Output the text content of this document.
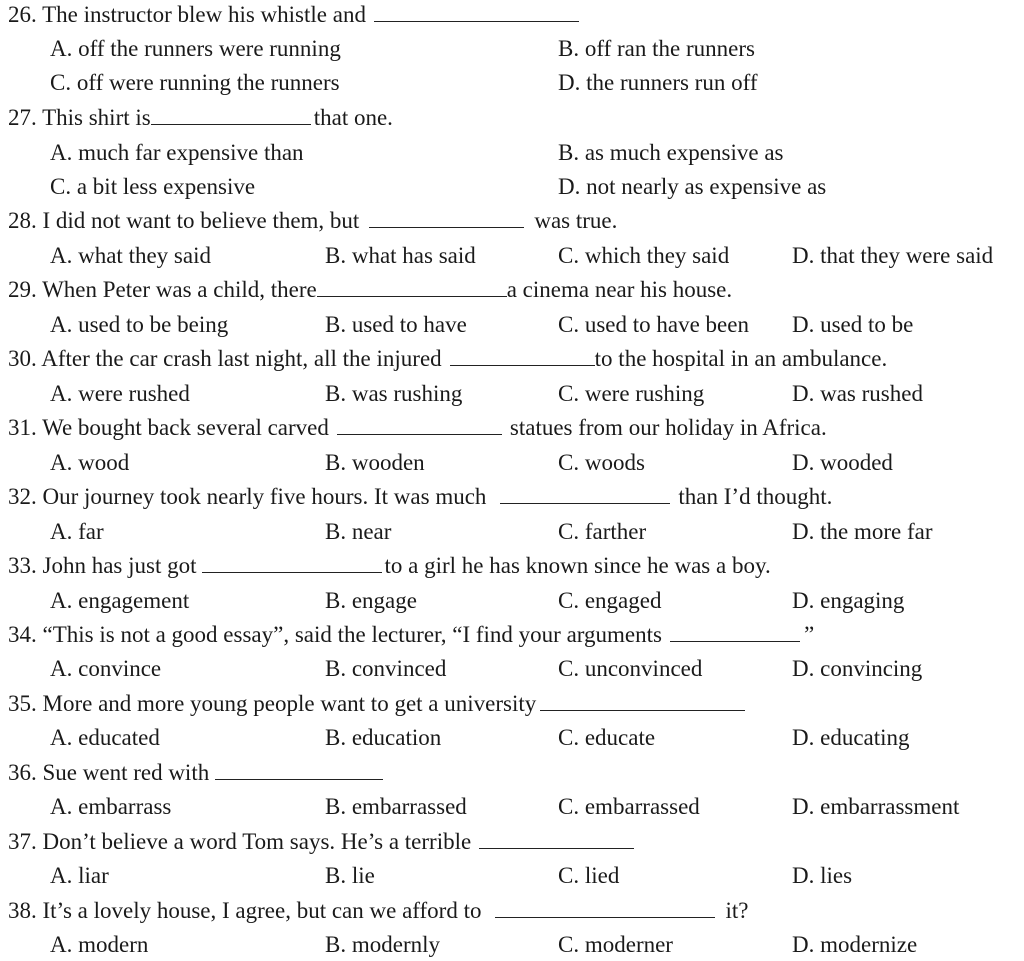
26. The instructor blew his whistle and
A. off the runners were running	B. off ran the runners
C. off were running the runners	D. the runners run off
27. This shirt is	that one.
A. much far expensive than	B. as much expensive as
C. a bit less expensive	D. not nearly as expensive as
28. I did not want to believe them, but	was true.
A. what they said	B. what has said	C. which they said	D. that they were said
29. When Peter was a child, there	a cinema near his house.
A. used to be being	B. used to have	C. used to have been D. used to be
30. After the car crash last night, all the injured	to the hospital in an ambulance.
A. were rushed	B. was rushing	C. were rushing	D. was rushed
31. We bought back several carved	statues from our holiday in Africa.
A. wood	B. wooden	C. woods	D. wooded
32. Our journey took nearly five hours. It was much	than I’d thought.
A. far	B. near	C. farther	D. the more far
33. John has just got	to a girl he has known since he was a boy.
A. engagement	B. engage	C. engaged	D. engaging
34. “This is not a good essay”, said the lecturer, “I find your arguments	”
A. convince	B. convinced	C. unconvinced	D. convincing
35. More and more young people want to get a university
A. educated	B. education	C. educate	D. educating
36. Sue went red with
A. embarrass	B. embarrassed	C. embarrassed	D. embarrassment
37. Don’t believe a word Tom says. He’s a terrible
A. liar	B. lie	C. lied	D. lies
38. It’s a lovely house, I agree, but can we afford to	it?
A. modern	B. modernly	C. moderner	D. modernize
